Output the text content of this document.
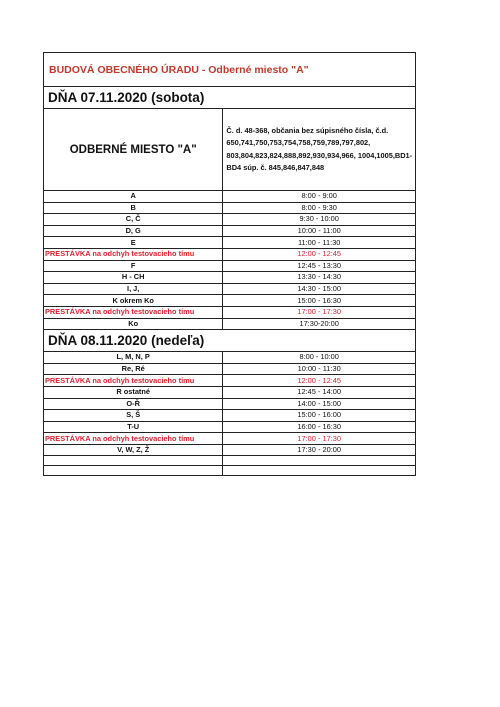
BUDOVÁ OBECNÉHO ÚRADU - Odberné miesto "A"	
DŇA 07.11.2020 (sobota)	
ODBERNÉ MIESTO "A"	Č. d. 48-368, občania bez súpisného čísla, č.d. 650,741,750,753,754,758,759,789,797,802, 803,804,823,824,888,892,930,934,966, 1004,1005,BD1-BD4 súp. č. 845,846,847,848
A	8:00 - 9:00
B	8:00 - 9:30
C, Č	9:30 - 10:00
D, G	10:00 - 11:00
E	11:00 - 11:30
PRESTÁVKA na odchyh testovacieho tímu	12:00 - 12:45
F	12:45 - 13:30
H - CH	13:30 - 14:30
I, J,	14:30 - 15:00
K okrem Ko	15:00 - 16:30
PRESTÁVKA na odchyh testovacieho tímu	17:00 - 17:30
Ko	17:30-20:00
DŇA 08.11.2020 (nedeľa)	
L, M, N, P	8:00 - 10:00
Re, Ré	10:00 - 11:30
PRESTÁVKA na odchyh testovacieho tímu	12:00 - 12:45
R ostatné	12:45 - 14:00
O-Ř	14:00 - 15:00
S, Š	15:00 - 16:00
T-U	16:00 - 16:30
PRESTÁVKA na odchyh testovacieho tímu	17:00 - 17:30
V, W, Z, Ž	17:30 - 20:00
